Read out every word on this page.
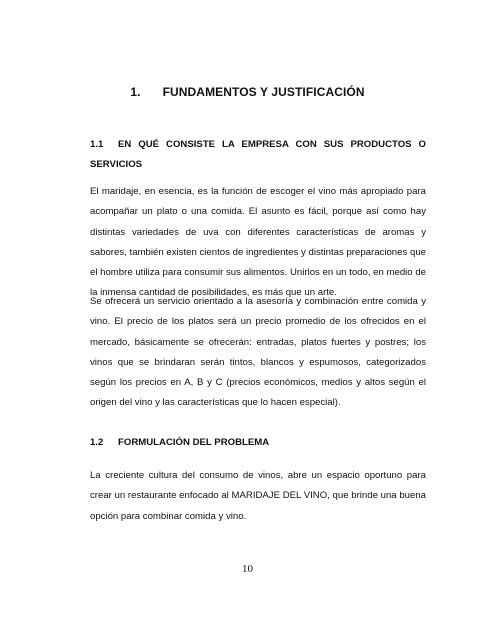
1. FUNDAMENTOS Y JUSTIFICACIÓN
1.1 EN QUÉ CONSISTE LA EMPRESA CON SUS PRODUCTOS O SERVICIOS

El maridaje, en esencia, es la función de escoger el vino más apropiado para acompañar un plato o una comida. El asunto es fácil, porque así como hay distintas variedades de uva con diferentes características de aromas y sabores, también existen cientos de ingredientes y distintas preparaciones que el hombre utiliza para consumir sus alimentos. Unirlos en un todo, en medio de la inmensa cantidad de posibilidades, es más que un arte.

Se ofrecerá un servicio orientado a la asesoría y combinación entre comida y vino. El precio de los platos será un precio promedio de los ofrecidos en el mercado, básicamente se ofrecerán: entradas, platos fuertes y postres; los vinos que se brindaran serán tintos, blancos y espumosos, categorizados según los precios en A, B y C (precios económicos, medios y altos según el origen del vino y las características que lo hacen especial).

1.2 FORMULACIÓN DEL PROBLEMA

La creciente cultura del consumo de vinos, abre un espacio oportuno para crear un restaurante enfocado al MARIDAJE DEL VINO, que brinde una buena opción para combinar comida y vino.

10
